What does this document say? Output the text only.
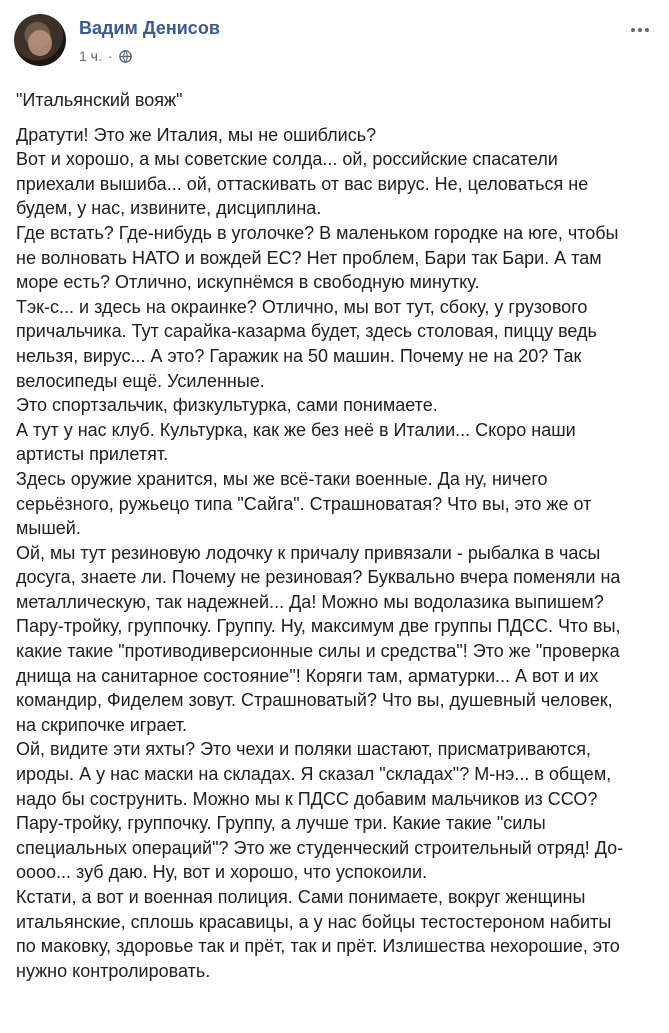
Вадим Денисов
1 ч. ·
"Итальянский вояж"
Дратути! Это же Италия, мы не ошиблись?
Вот и хорошо, а мы советские солда... ой, российские спасатели
приехали вышиба... ой, оттаскивать от вас вирус. Не, целоваться не
будем, у нас, извините, дисциплина.
Где встать? Где-нибудь в уголочке? В маленьком городке на юге, чтобы
не волновать НАТО и вождей ЕС? Нет проблем, Бари так Бари. А там
море есть? Отлично, искупнёмся в свободную минутку.
Тэк-с... и здесь на окраинке? Отлично, мы вот тут, сбоку, у грузового
причальчика. Тут сарайка-казарма будет, здесь столовая, пиццу ведь
нельзя, вирус... А это? Гаражик на 50 машин. Почему не на 20? Так
велосипеды ещё. Усиленные.
Это спортзальчик, физкультурка, сами понимаете.
А тут у нас клуб. Культурка, как же без неё в Италии... Скоро наши
артисты прилетят.
Здесь оружие хранится, мы же всё-таки военные. Да ну, ничего
серьёзного, ружьецо типа "Сайга". Страшноватая? Что вы, это же от
мышей.
Ой, мы тут резиновую лодочку к причалу привязали - рыбалка в часы
досуга, знаете ли. Почему не резиновая? Буквально вчера поменяли на
металлическую, так надежней... Да! Можно мы водолазика выпишем?
Пару-тройку, группочку. Группу. Ну, максимум две группы ПДСС. Что вы,
какие такие "противодиверсионные силы и средства"! Это же "проверка
днища на санитарное состояние"! Коряги там, арматурки... А вот и их
командир, Фиделем зовут. Страшноватый? Что вы, душевный человек,
на скрипочке играет.
Ой, видите эти яхты? Это чехи и поляки шастают, присматриваются,
ироды. А у нас маски на складах. Я сказал "складах"? М-нэ... в общем,
надо бы сострунить. Можно мы к ПДСС добавим мальчиков из ССО?
Пару-тройку, группочку. Группу, а лучше три. Какие такие "силы
специальных операций"? Это же студенческий строительный отряд! До-
оооо... зуб даю. Ну, вот и хорошо, что успокоили.
Кстати, а вот и военная полиция. Сами понимаете, вокруг женщины
итальянские, сплошь красавицы, а у нас бойцы тестостероном набиты
по маковку, здоровье так и прёт, так и прёт. Излишества нехорошие, это
нужно контролировать.
